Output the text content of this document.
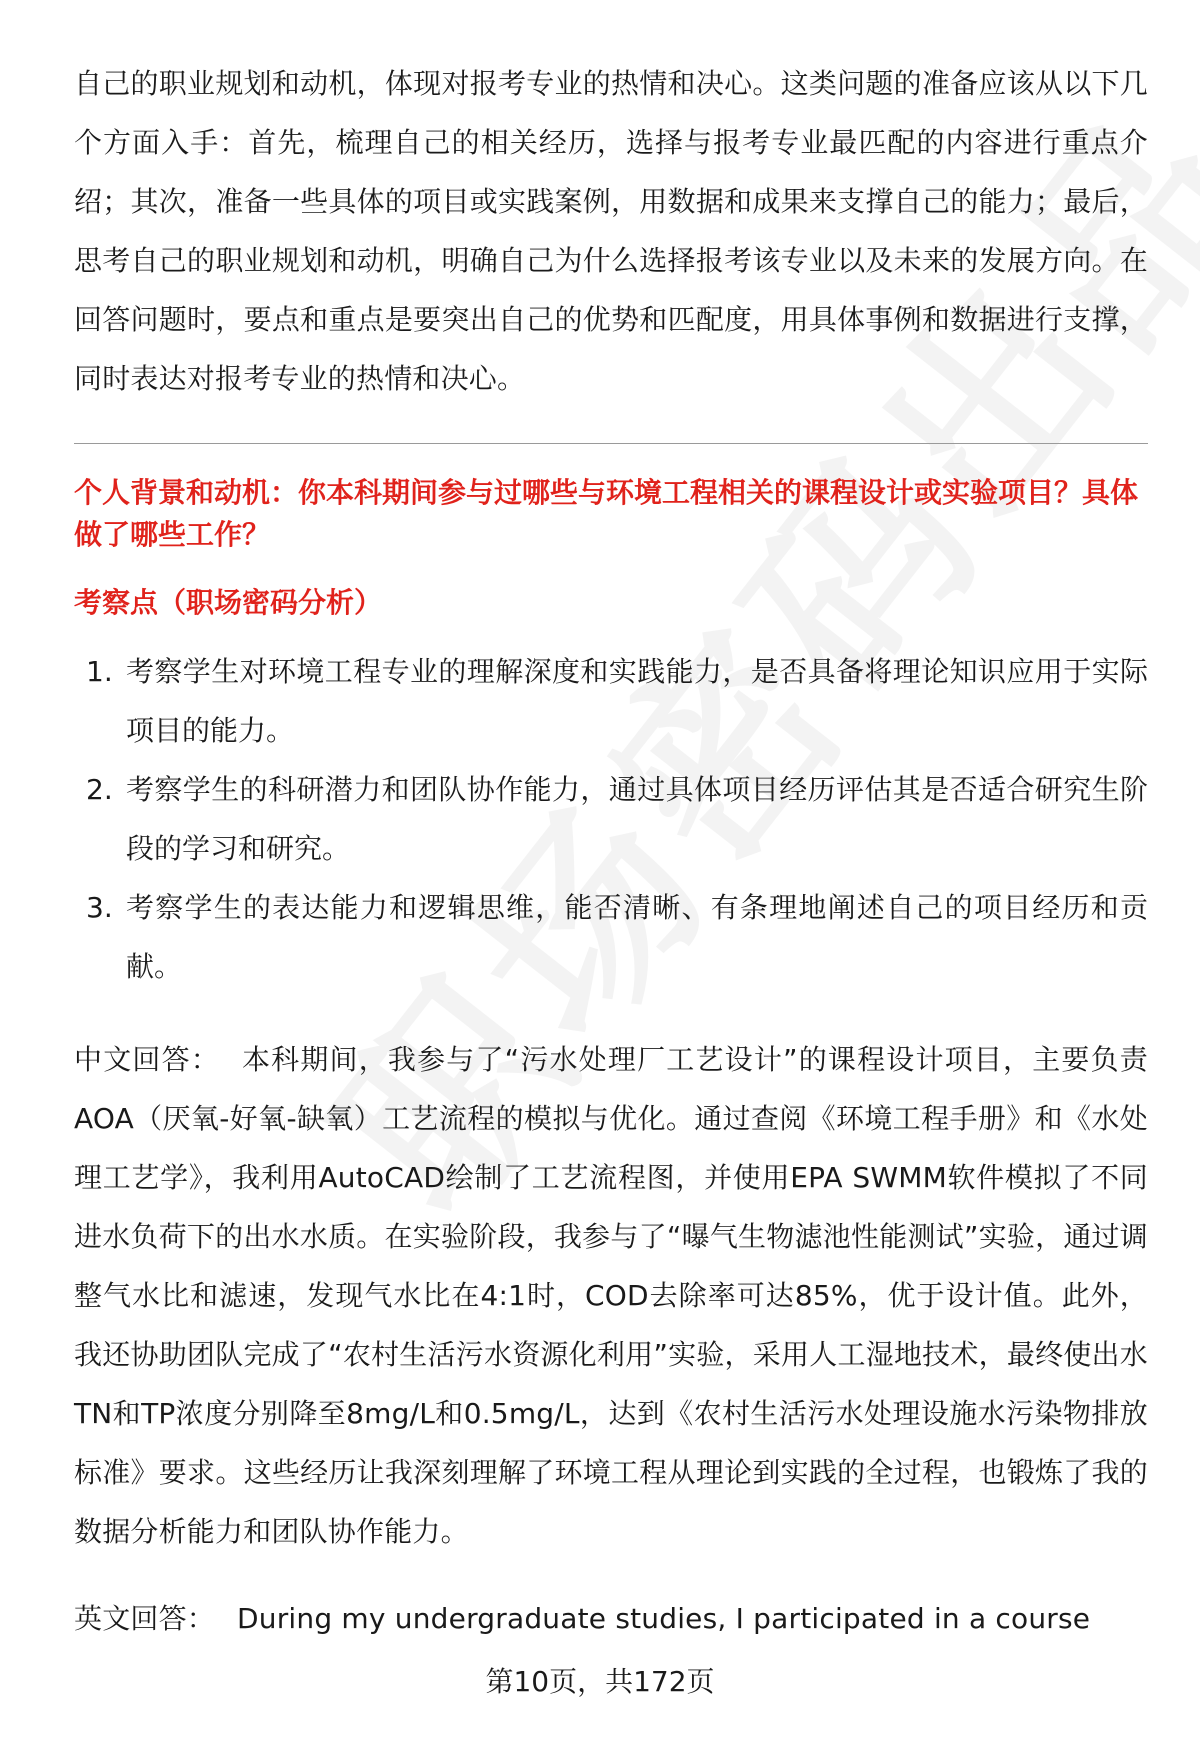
自己的职业规划和动机，体现对报考专业的热情和决心。这类问题的准备应该从以下几个方面入手：首先，梳理自己的相关经历，选择与报考专业最匹配的内容进行重点介绍；其次，准备一些具体的项目或实践案例，用数据和成果来支撑自己的能力；最后，思考自己的职业规划和动机，明确自己为什么选择报考该专业以及未来的发展方向。在回答问题时，要点和重点是要突出自己的优势和匹配度，用具体事例和数据进行支撑，同时表达对报考专业的热情和决心。

个人背景和动机：你本科期间参与过哪些与环境工程相关的课程设计或实验项目？具体做了哪些工作？

考察点（职场密码分析）

1. 考察学生对环境工程专业的理解深度和实践能力，是否具备将理论知识应用于实际项目的能力。
2. 考察学生的科研潜力和团队协作能力，通过具体项目经历评估其是否适合研究生阶段的学习和研究。
3. 考察学生的表达能力和逻辑思维，能否清晰、有条理地阐述自己的项目经历和贡献。

中文回答： 本科期间，我参与了“污水处理厂工艺设计”的课程设计项目，主要负责AOA（厌氧-好氧-缺氧）工艺流程的模拟与优化。通过查阅《环境工程手册》和《水处理工艺学》，我利用AutoCAD绘制了工艺流程图，并使用EPA SWMM软件模拟了不同进水负荷下的出水水质。在实验阶段，我参与了“曝气生物滤池性能测试”实验，通过调整气水比和滤速，发现气水比在4:1时，COD去除率可达85%，优于设计值。此外，我还协助团队完成了“农村生活污水资源化利用”实验，采用人工湿地技术，最终使出水TN和TP浓度分别降至8mg/L和0.5mg/L，达到《农村生活污水处理设施水污染物排放标准》要求。这些经历让我深刻理解了环境工程从理论到实践的全过程，也锻炼了我的数据分析能力和团队协作能力。

英文回答： During my undergraduate studies, I participated in a course

第10页，共172页
